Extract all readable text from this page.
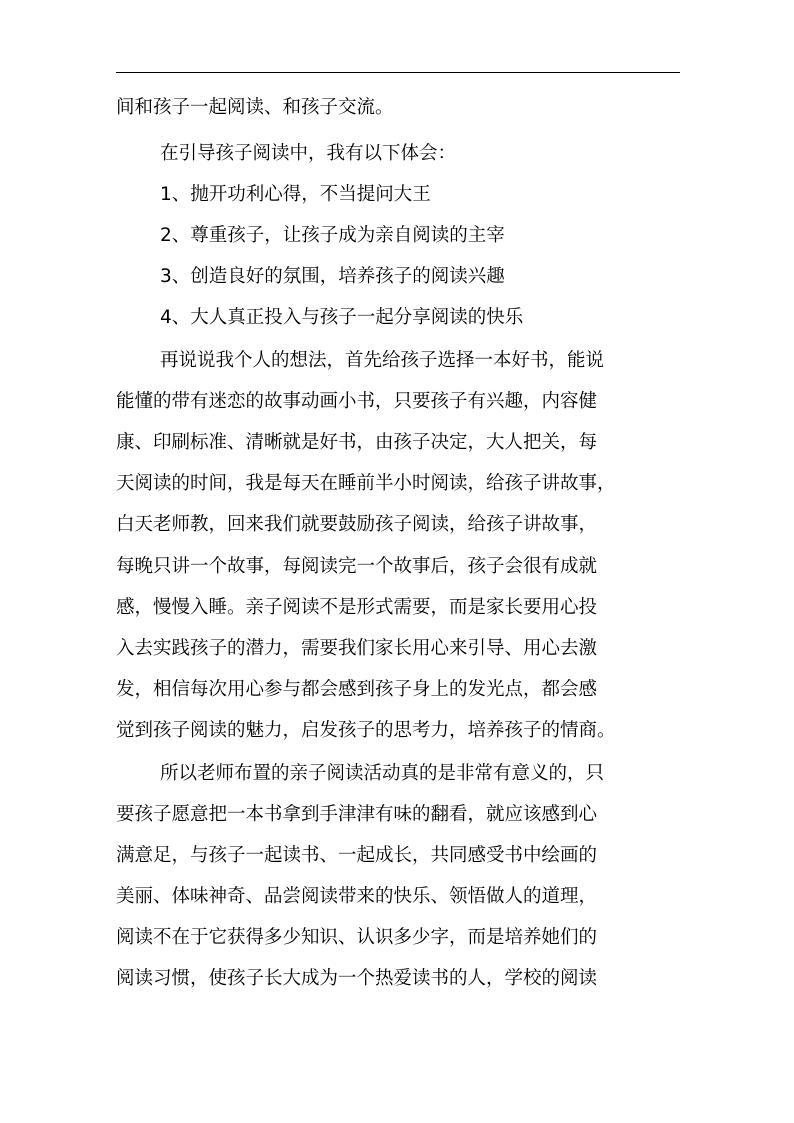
间和孩子一起阅读、和孩子交流。
在引导孩子阅读中，我有以下体会：
1、抛开功利心得，不当提问大王
2、尊重孩子，让孩子成为亲自阅读的主宰
3、创造良好的氛围，培养孩子的阅读兴趣
4、大人真正投入与孩子一起分享阅读的快乐
再说说我个人的想法，首先给孩子选择一本好书，能说
能懂的带有迷恋的故事动画小书，只要孩子有兴趣，内容健
康、印刷标准、清晰就是好书，由孩子决定，大人把关，每
天阅读的时间，我是每天在睡前半小时阅读，给孩子讲故事，
白天老师教，回来我们就要鼓励孩子阅读，给孩子讲故事，
每晚只讲一个故事，每阅读完一个故事后，孩子会很有成就
感，慢慢入睡。亲子阅读不是形式需要，而是家长要用心投
入去实践孩子的潜力，需要我们家长用心来引导、用心去激
发，相信每次用心参与都会感到孩子身上的发光点，都会感
觉到孩子阅读的魅力，启发孩子的思考力，培养孩子的情商。
所以老师布置的亲子阅读活动真的是非常有意义的，只
要孩子愿意把一本书拿到手津津有味的翻看，就应该感到心
满意足，与孩子一起读书、一起成长，共同感受书中绘画的
美丽、体味神奇、品尝阅读带来的快乐、领悟做人的道理，
阅读不在于它获得多少知识、认识多少字，而是培养她们的
阅读习惯，使孩子长大成为一个热爱读书的人，学校的阅读
